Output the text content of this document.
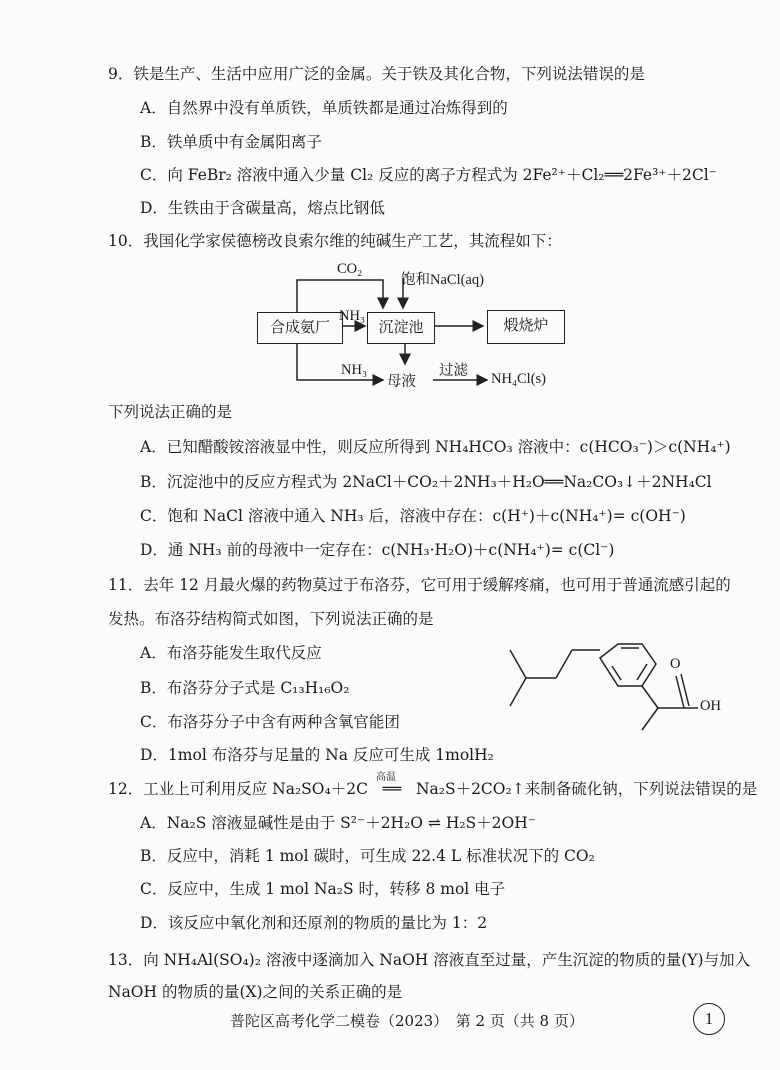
9．铁是生产、生活中应用广泛的金属。关于铁及其化合物，下列说法错误的是
A．自然界中没有单质铁，单质铁都是通过冶炼得到的
B．铁单质中有金属阳离子
C．向 FeBr₂ 溶液中通入少量 Cl₂ 反应的离子方程式为 2Fe²⁺＋Cl₂══2Fe³⁺＋2Cl⁻
D．生铁由于含碳量高，熔点比钢低
10．我国化学家侯德榜改良索尔维的纯碱生产工艺，其流程如下：
合成氨厂	沉淀池	煅烧炉
CO₂
饱和NaCl(aq)
NH₃
NH₃
母液
过滤 NH₄Cl(s)
下列说法正确的是
A．已知醋酸铵溶液显中性，则反应所得到 NH₄HCO₃ 溶液中：c(HCO₃⁻)＞c(NH₄⁺)
B．沉淀池中的反应方程式为 2NaCl＋CO₂＋2NH₃＋H₂O══Na₂CO₃↓＋2NH₄Cl
C．饱和 NaCl 溶液中通入 NH₃ 后，溶液中存在：c(H⁺)＋c(NH₄⁺)= c(OH⁻)
D．通 NH₃ 前的母液中一定存在：c(NH₃·H₂O)＋c(NH₄⁺)= c(Cl⁻)
11．去年 12 月最火爆的药物莫过于布洛芬，它可用于缓解疼痛，也可用于普通流感引起的
发热。布洛芬结构简式如图，下列说法正确的是
A．布洛芬能发生取代反应
B．布洛芬分子式是 C₁₃H₁₆O₂
C．布洛芬分子中含有两种含氧官能团
D．1mol 布洛芬与足量的 Na 反应可生成 1molH₂
O
OH
12．工业上可利用反应 Na₂SO₄＋2C
高温
══ Na₂S＋2CO₂↑来制备硫化钠，下列说法错误的是
A．Na₂S 溶液显碱性是由于 S²⁻＋2H₂O ⇌ H₂S＋2OH⁻
B．反应中，消耗 1 mol 碳时，可生成 22.4 L 标准状况下的 CO₂
C．反应中，生成 1 mol Na₂S 时，转移 8 mol 电子
D．该反应中氧化剂和还原剂的物质的量比为 1：2
13．向 NH₄Al(SO₄)₂ 溶液中逐滴加入 NaOH 溶液直至过量，产生沉淀的物质的量(Y)与加入
NaOH 的物质的量(X)之间的关系正确的是
普陀区高考化学二模卷（2023）　第 2 页（共 8 页）	1
